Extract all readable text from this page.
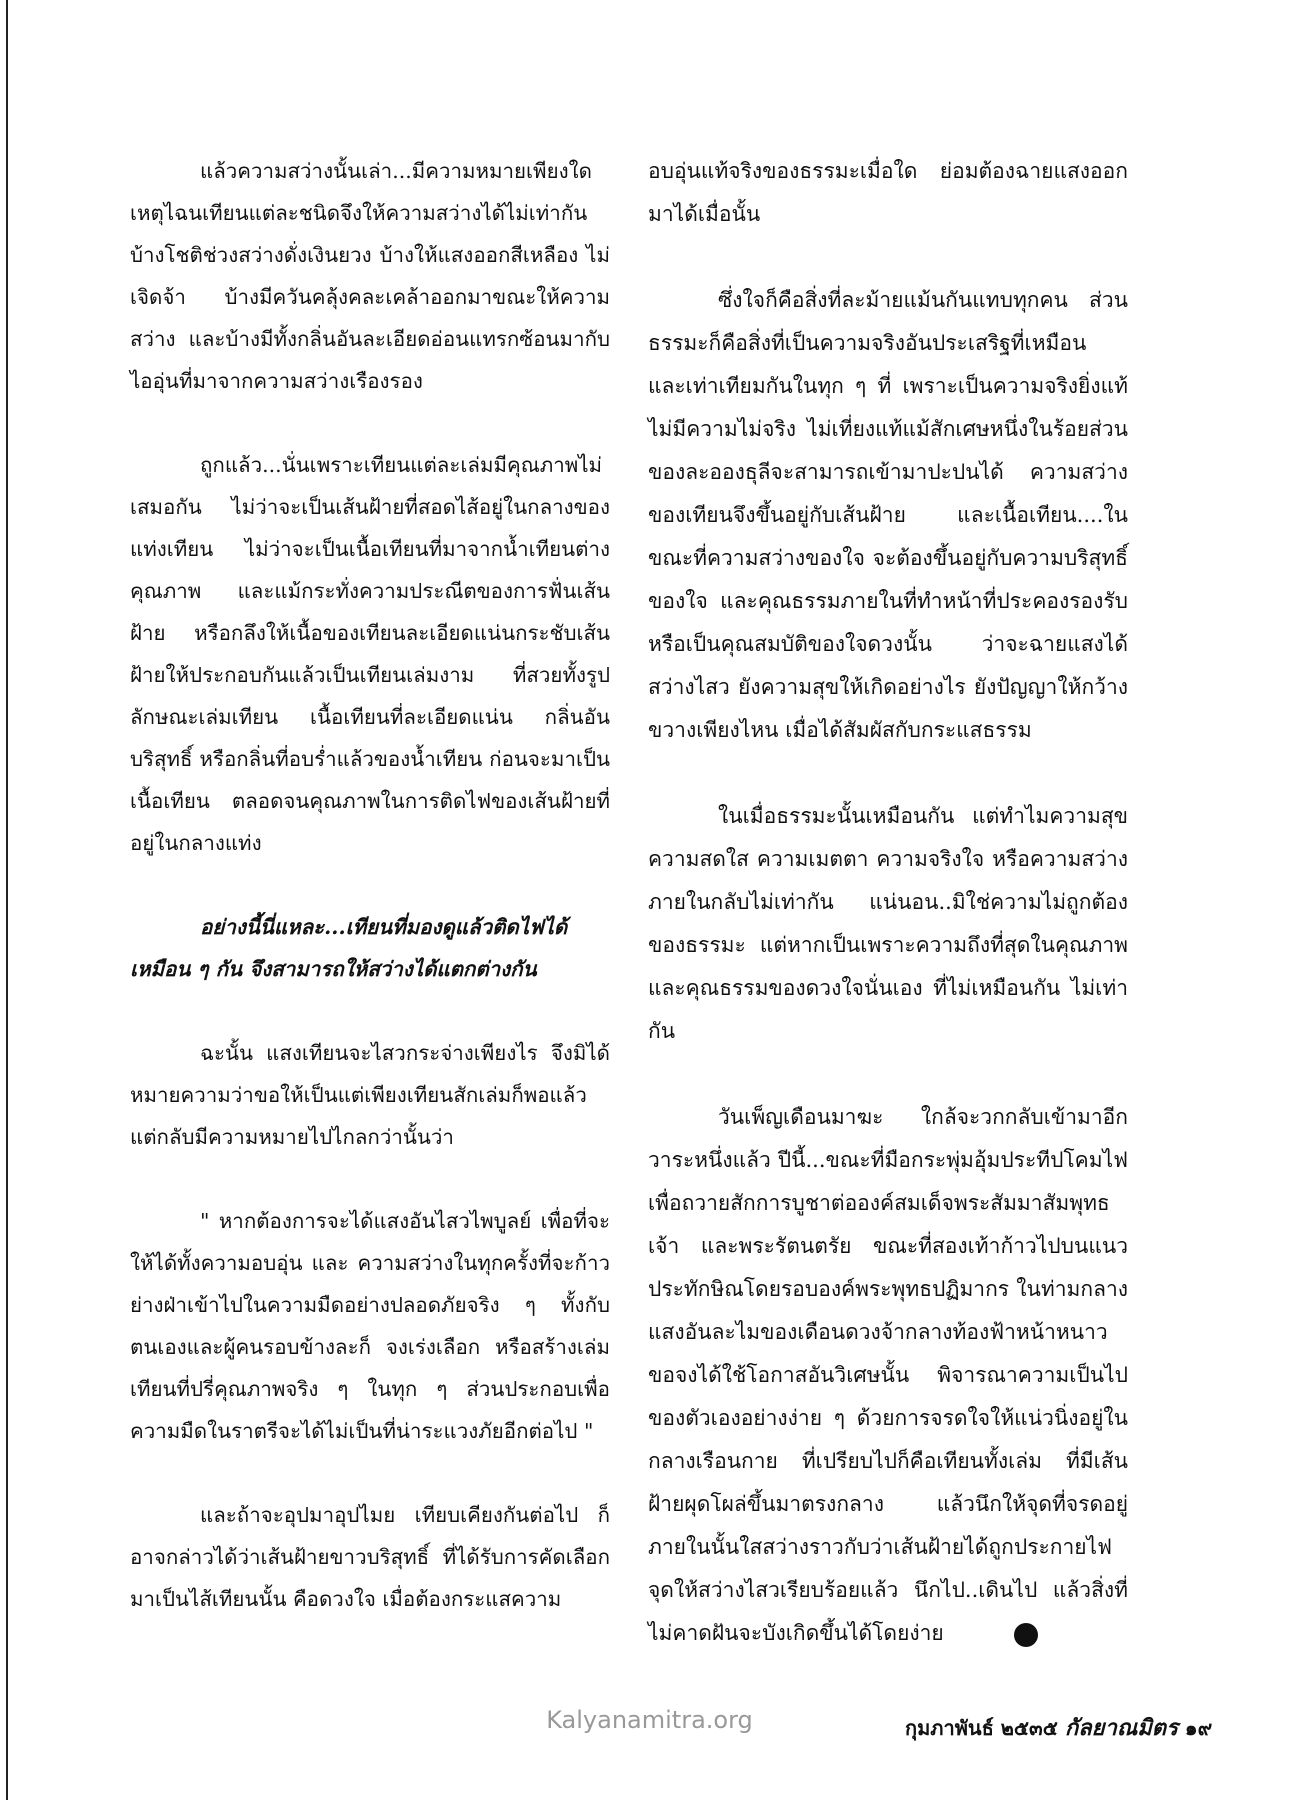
แล้วความสว่างนั้นเล่า...มีความหมายเพียงใด เหตุไฉนเทียนแต่ละชนิดจึงให้ความสว่างได้ไม่เท่ากัน บ้างโชติช่วงสว่างดั่งเงินยวง บ้างให้แสงออกสีเหลือง ไม่เจิดจ้า บ้างมีควันคลุ้งคละเคล้าออกมาขณะให้ความสว่าง และบ้างมีทั้งกลิ่นอันละเอียดอ่อนแทรกซ้อนมากับไออุ่นที่มาจากความสว่างเรืองรอง

ถูกแล้ว...นั่นเพราะเทียนแต่ละเล่มมีคุณภาพไม่เสมอกัน ไม่ว่าจะเป็นเส้นฝ้ายที่สอดไส้อยู่ในกลางของแท่งเทียน ไม่ว่าจะเป็นเนื้อเทียนที่มาจากน้ำเทียนต่างคุณภาพ และแม้กระทั่งความประณีตของการฟั่นเส้นฝ้าย หรือกลึงให้เนื้อของเทียนละเอียดแน่นกระชับเส้นฝ้ายให้ประกอบกันแล้วเป็นเทียนเล่มงาม ที่สวยทั้งรูปลักษณะเล่มเทียน เนื้อเทียนที่ละเอียดแน่น กลิ่นอันบริสุทธิ์ หรือกลิ่นที่อบร่ำแล้วของน้ำเทียน ก่อนจะมาเป็นเนื้อเทียน ตลอดจนคุณภาพในการติดไฟของเส้นฝ้ายที่อยู่ในกลางแท่ง

อย่างนี้นี่แหละ...เทียนที่มองดูแล้วติดไฟได้เหมือน ๆ กัน จึงสามารถให้สว่างได้แตกต่างกัน

ฉะนั้น แสงเทียนจะไสวกระจ่างเพียงไร จึงมิได้หมายความว่าขอให้เป็นแต่เพียงเทียนสักเล่มก็พอแล้ว แต่กลับมีความหมายไปไกลกว่านั้นว่า

" หากต้องการจะได้แสงอันไสวไพบูลย์ เพื่อที่จะให้ได้ทั้งความอบอุ่น และ ความสว่างในทุกครั้งที่จะก้าวย่างฝ่าเข้าไปในความมืดอย่างปลอดภัยจริง ๆ ทั้งกับตนเองและผู้คนรอบข้างละก็ จงเร่งเลือก หรือสร้างเล่มเทียนที่ปรี่คุณภาพจริง ๆ ในทุก ๆ ส่วนประกอบเพื่อความมืดในราตรีจะได้ไม่เป็นที่น่าระแวงภัยอีกต่อไป "

และถ้าจะอุปมาอุปไมย เทียบเคียงกันต่อไป ก็อาจกล่าวได้ว่าเส้นฝ้ายขาวบริสุทธิ์ ที่ได้รับการคัดเลือกมาเป็นไส้เทียนนั้น คือดวงใจ เมื่อต้องกระแสความ

อบอุ่นแท้จริงของธรรมะเมื่อใด ย่อมต้องฉายแสงออกมาได้เมื่อนั้น

ซึ่งใจก็คือสิ่งที่ละม้ายแม้นกันแทบทุกคน ส่วนธรรมะก็คือสิ่งที่เป็นความจริงอันประเสริฐที่เหมือน และเท่าเทียมกันในทุก ๆ ที่ เพราะเป็นความจริงยิ่งแท้ ไม่มีความไม่จริง ไม่เที่ยงแท้แม้สักเศษหนึ่งในร้อยส่วนของละอองธุลีจะสามารถเข้ามาปะปนได้ ความสว่างของเทียนจึงขึ้นอยู่กับเส้นฝ้าย และเนื้อเทียน....ในขณะที่ความสว่างของใจ จะต้องขึ้นอยู่กับความบริสุทธิ์ของใจ และคุณธรรมภายในที่ทำหน้าที่ประคองรองรับ หรือเป็นคุณสมบัติของใจดวงนั้น ว่าจะฉายแสงได้สว่างไสว ยังความสุขให้เกิดอย่างไร ยังปัญญาให้กว้างขวางเพียงไหน เมื่อได้สัมผัสกับกระแสธรรม

ในเมื่อธรรมะนั้นเหมือนกัน แต่ทำไมความสุข ความสดใส ความเมตตา ความจริงใจ หรือความสว่างภายในกลับไม่เท่ากัน แน่นอน..มิใช่ความไม่ถูกต้องของธรรมะ แต่หากเป็นเพราะความถึงที่สุดในคุณภาพ และคุณธรรมของดวงใจนั่นเอง ที่ไม่เหมือนกัน ไม่เท่ากัน

วันเพ็ญเดือนมาฆะ ใกล้จะวกกลับเข้ามาอีกวาระหนึ่งแล้ว ปีนี้...ขณะที่มือกระพุ่มอุ้มประทีปโคมไฟเพื่อถวายสักการบูชาต่อองค์สมเด็จพระสัมมาสัมพุทธเจ้า และพระรัตนตรัย ขณะที่สองเท้าก้าวไปบนแนวประทักษิณโดยรอบองค์พระพุทธปฏิมากร ในท่ามกลางแสงอันละไมของเดือนดวงจ้ากลางท้องฟ้าหน้าหนาว ขอจงได้ใช้โอกาสอันวิเศษนั้น พิจารณาความเป็นไปของตัวเองอย่างง่าย ๆ ด้วยการจรดใจให้แน่วนิ่งอยู่ในกลางเรือนกาย ที่เปรียบไปก็คือเทียนทั้งเล่ม ที่มีเส้นฝ้ายผุดโผล่ขึ้นมาตรงกลาง แล้วนึกให้จุดที่จรดอยู่ภายในนั้นใสสว่างราวกับว่าเส้นฝ้ายได้ถูกประกายไฟจุดให้สว่างไสวเรียบร้อยแล้ว นึกไป..เดินไป แล้วสิ่งที่ไม่คาดฝันจะบังเกิดขึ้นได้โดยง่าย

Kalyanamitra.org	กุมภาพันธ์ ๒๕๓๕ กัลยาณมิตร ๑๙
